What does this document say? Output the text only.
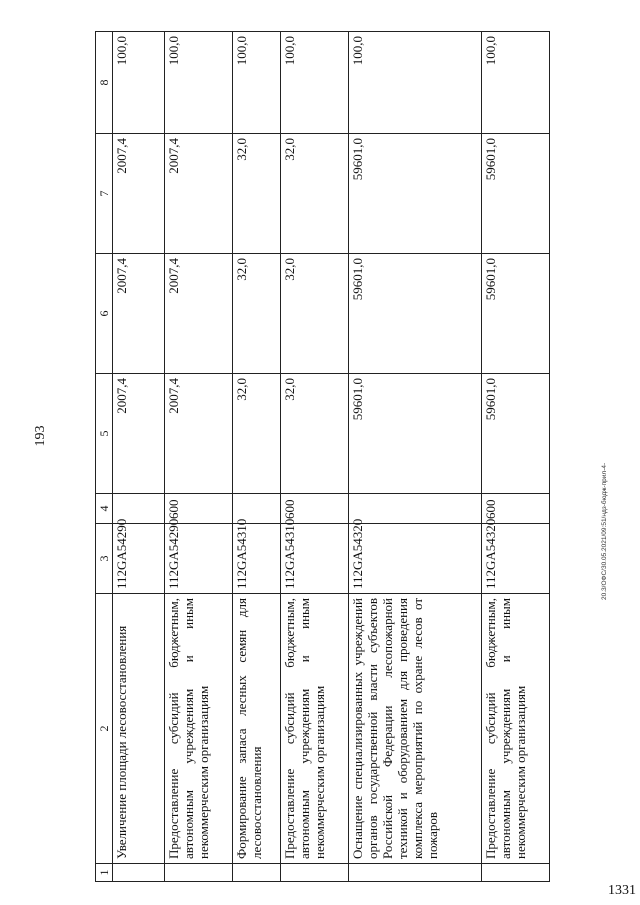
193
1	2	3	4	5	6	7	8
	Увеличение площади лесовосстановления	112GA54290		2007,4	2007,4	2007,4	100,0
	Предоставление субсидий бюджетным, автономным учреждениям и иным некоммерческим организациям	112GA54290	600	2007,4	2007,4	2007,4	100,0
	Формирование запаса лесных семян для лесовосстановления	112GA54310		32,0	32,0	32,0	100,0
	Предоставление субсидий бюджетным, автономным учреждениям и иным некоммерческим организациям	112GA54310	600	32,0	32,0	32,0	100,0
	Оснащение специализированных учреждений органов государственной власти субъектов Российской Федерации лесопожарной техникой и оборудованием для проведения комплекса мероприятий по охране лесов от пожаров	112GA54320		59601,0	59601,0	59601,0	100,0
	Предоставление субсидий бюджетным, автономным учреждениям и иным некоммерческим организациям	112GA54320	600	59601,0	59601,0	59601,0	100,0
20.3/OФС/30.05.2021/09:51/ндз-бюдж-прил-4-
1331
